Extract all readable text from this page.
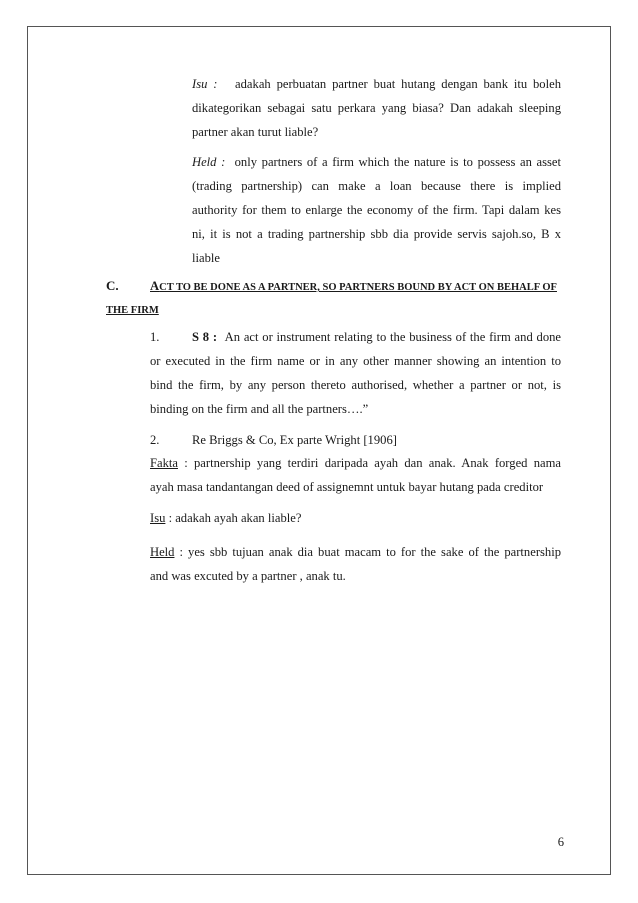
Isu : adakah perbuatan partner buat hutang dengan bank itu boleh
dikategorikan sebagai satu perkara yang biasa? Dan adakah sleeping
partner akan turut liable?
Held : only partners of a firm which the nature is to possess an asset
(trading partnership) can make a loan because there is implied
authority for them to enlarge the economy of the firm. Tapi dalam kes
ni, it is not a trading partnership sbb dia provide servis sajoh.so, B x
liable
C. ACT TO BE DONE AS A PARTNER, SO PARTNERS BOUND BY ACT ON BEHALF OF
THE FIRM
1.	S 8 : An act or instrument relating to the business of the firm and done
or executed in the firm name or in any other manner showing an intention to
bind the firm, by any person thereto authorised, whether a partner or not, is
binding on the firm and all the partners….”
2.	Re Briggs & Co, Ex parte Wright [1906]
Fakta : partnership yang terdiri daripada ayah dan anak. Anak forged nama
ayah masa tandantangan deed of assignemnt untuk bayar hutang pada creditor
Isu : adakah ayah akan liable?
Held : yes sbb tujuan anak dia buat macam to for the sake of the partnership
and was excuted by a partner , anak tu.
6
